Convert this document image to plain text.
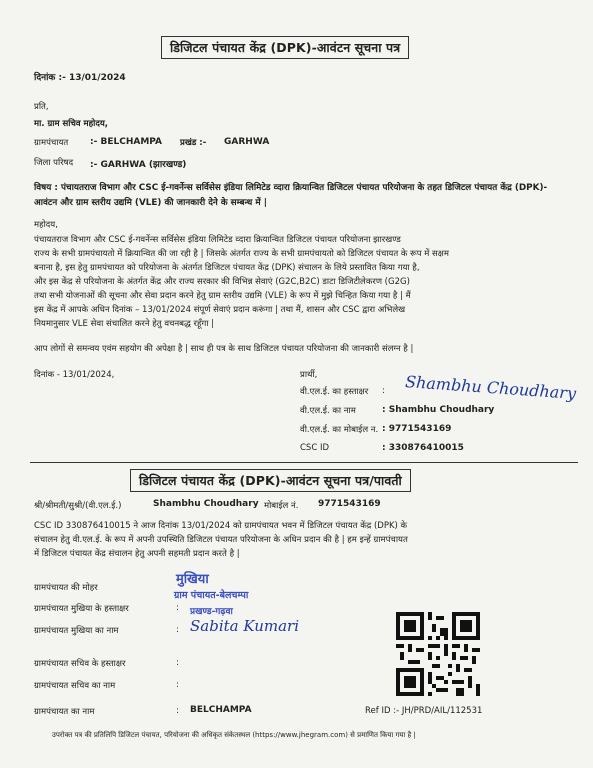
डिजिटल पंचायत केंद्र (DPK)-आवंटन सूचना पत्र
दिनांक :- 13/01/2024
प्रति,
मा. ग्राम सचिव महोदय,
ग्रामपंचायत :- BELCHAMPA प्रखंड :- GARHWA
जिला परिषद :- GARHWA (झारखण्ड)
विषय : पंचायतराज विभाग और CSC ई-गवर्नेन्स सर्विसेस इंडिया लिमिटेड व्दारा क्रियान्वित डिजिटल पंचायत परियोजना के तहत डिजिटल पंचायत केंद्र (DPK)-आवंटन और ग्राम स्तरीय उद्यमि (VLE) की जानकारी देने के सम्बन्ध में |
महोदय,
पंचायतराज विभाग और CSC ई-गवर्नेन्स सर्विसेस इंडिया लिमिटेड व्दारा क्रियान्वित डिजिटल पंचायत परियोजना झारखण्ड
राज्य के सभी ग्रामपंचायतो में क्रियान्वित की जा रही है | जिसके अंतर्गत राज्य के सभी ग्रामपंचायतो को डिजिटल पंचायत के रूप में सक्षम
बनाना है, इस हेतु ग्रामपंचायत को परियोजना के अंतर्गत डिजिटल पंचायत केंद्र (DPK) संचालन के लिये प्रस्तावित किया गया है,
और इस केंद्र से परियोजना के अंतर्गत केंद्र और राज्य सरकार की विभिन्न सेवाएं (G2C,B2C) डाटा डिजिटीलेकरण (G2G)
तथा सभी योजनाओं की सूचना और सेवा प्रदान करने हेतु ग्राम स्तरीय उद्यमि (VLE) के रूप में मुझे चिन्हित किया गया है | मैं
इस केंद्र में आपके अधिन दिनांक – 13/01/2024 संपूर्ण सेवाएं प्रदान करूंगा | तथा मैं, शासन और CSC द्वारा अभिलेख
नियमानुसार VLE सेवा संचालित करने हेतु वचनबद्ध रहूँगा |
आप लोगों से समन्वय एवंम सहयोग की अपेक्षा है | साथ ही पत्र के साथ डिजिटल पंचायत परियोजना की जानकारी संलग्न है |
दिनांक - 13/01/2024,	प्रार्थी,
वी.एल.ई. का हस्ताक्षर : Shambhu Choudhary
वी.एल.ई. का नाम	: Shambhu Choudhary
वी.एल.ई. का मोबाईल न. : 9771543169
CSC ID	: 330876410015
डिजिटल पंचायत केंद्र (DPK)-आवंटन सूचना पत्र/पावती
श्री/श्रीमती/सुश्री/(वी.एल.ई.)	Shambhu Choudhary मोबाईल नं. 9771543169
CSC ID 330876410015 ने आज दिनांक 13/01/2024 को ग्रामपंचायत भवन में डिजिटल पंचायत केंद्र (DPK) के
संचालन हेतु वी.एल.ई. के रूप में अपनी उपस्थिति डिजिटल पंचायत परियोजना के अधिन प्रदान की है | हम इन्हें ग्रामपंचायत
में डिजिटल पंचायत केंद्र संचालन हेतु अपनी सहमती प्रदान करते है |
ग्रामपंचायत की मोहर
मुखिया
ग्राम पंचायत-बेलचम्पा
प्रखण्ड-गढ़वा
ग्रामपंचायत मुखिया के हस्ताक्षर	:
ग्रामपंचायत मुखिया का नाम	: Sabita Kumari
ग्रामपंचायत सचिव के हस्ताक्षर	:
ग्रामपंचायत सचिव का नाम	:
ग्रामपंचायत का नाम	: BELCHAMPA	Ref ID :- JH/PRD/AIL/112531
उपरोक्त पत्र की प्रतिलिपि डिजिटल पंचायत, परियोजना की अधिकृत संकेतस्थल (https://www.jhegram.com) से प्रमाणित किया गया है |
